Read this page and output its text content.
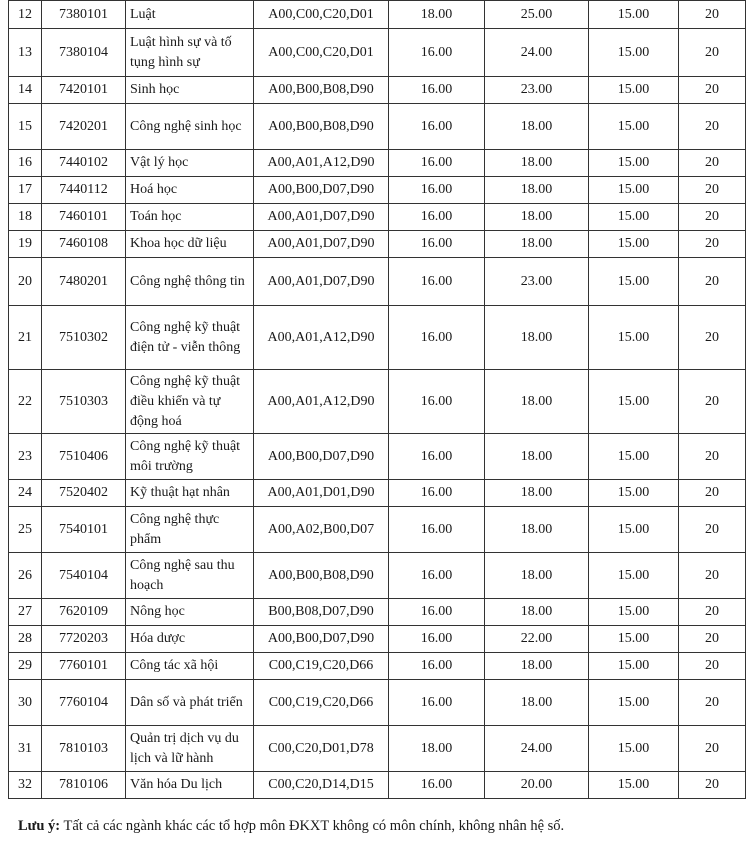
12	7380101	Luật	A00,C00,C20,D01	18.00	25.00	15.00	20
13	7380104	Luật hình sự và tố tụng hình sự	A00,C00,C20,D01	16.00	24.00	15.00	20
14	7420101	Sinh học	A00,B00,B08,D90	16.00	23.00	15.00	20
15	7420201	Công nghệ sinh học	A00,B00,B08,D90	16.00	18.00	15.00	20
16	7440102	Vật lý học	A00,A01,A12,D90	16.00	18.00	15.00	20
17	7440112	Hoá học	A00,B00,D07,D90	16.00	18.00	15.00	20
18	7460101	Toán học	A00,A01,D07,D90	16.00	18.00	15.00	20
19	7460108	Khoa học dữ liệu	A00,A01,D07,D90	16.00	18.00	15.00	20
20	7480201	Công nghệ thông tin	A00,A01,D07,D90	16.00	23.00	15.00	20
21	7510302	Công nghệ kỹ thuật điện tử - viễn thông	A00,A01,A12,D90	16.00	18.00	15.00	20
22	7510303	Công nghệ kỹ thuật điều khiển và tự động hoá	A00,A01,A12,D90	16.00	18.00	15.00	20
23	7510406	Công nghệ kỹ thuật môi trường	A00,B00,D07,D90	16.00	18.00	15.00	20
24	7520402	Kỹ thuật hạt nhân	A00,A01,D01,D90	16.00	18.00	15.00	20
25	7540101	Công nghệ thực phẩm	A00,A02,B00,D07	16.00	18.00	15.00	20
26	7540104	Công nghệ sau thu hoạch	A00,B00,B08,D90	16.00	18.00	15.00	20
27	7620109	Nông học	B00,B08,D07,D90	16.00	18.00	15.00	20
28	7720203	Hóa dược	A00,B00,D07,D90	16.00	22.00	15.00	20
29	7760101	Công tác xã hội	C00,C19,C20,D66	16.00	18.00	15.00	20
30	7760104	Dân số và phát triển	C00,C19,C20,D66	16.00	18.00	15.00	20
31	7810103	Quản trị dịch vụ du lịch và lữ hành	C00,C20,D01,D78	18.00	24.00	15.00	20
32	7810106	Văn hóa Du lịch	C00,C20,D14,D15	16.00	20.00	15.00	20
Lưu ý: Tất cả các ngành khác các tổ hợp môn ĐKXT không có môn chính, không nhân hệ số.
